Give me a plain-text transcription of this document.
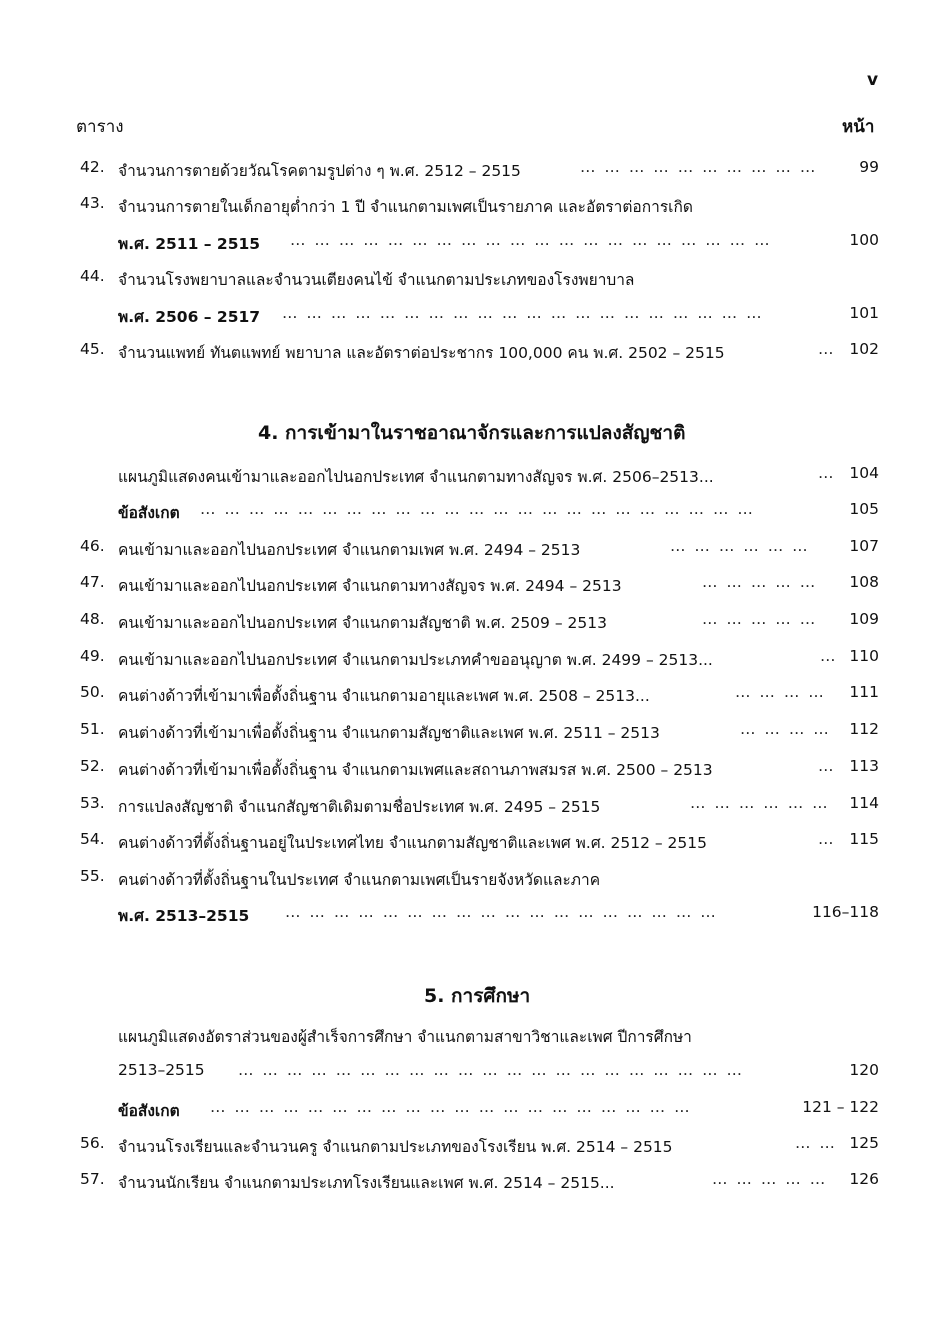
v
ตาราง	หน้า
42. จำนวนการตายด้วยวัณโรคตามรูปต่าง ๆ พ.ศ. 2512 – 2515	… … … … … … … … … …	99
43. จำนวนการตายในเด็กอายุต่ำกว่า 1 ปี จำแนกตามเพศเป็นรายภาค และอัตราต่อการเกิด
พ.ศ. 2511 – 2515 … … … … … … … … … … … … … … … … … … … …	100
44. จำนวนโรงพยาบาลและจำนวนเตียงคนไข้ จำแนกตามประเภทของโรงพยาบาล
พ.ศ. 2506 – 2517 … … … … … … … … … … … … … … … … … … … …	101
45. จำนวนแพทย์ ทันตแพทย์ พยาบาล และอัตราต่อประชากร 100,000 คน พ.ศ. 2502 – 2515	… 102
4. การเข้ามาในราชอาณาจักรและการแปลงสัญชาติ
แผนภูมิแสดงคนเข้ามาและออกไปนอกประเทศ จำแนกตามทางสัญจร พ.ศ. 2506–2513...	… 104
ข้อสังเกต … … … … … … … … … … … … … … … … … … … … … … …	105
46. คนเข้ามาและออกไปนอกประเทศ จำแนกตามเพศ พ.ศ. 2494 – 2513	… … … … … …	107
47. คนเข้ามาและออกไปนอกประเทศ จำแนกตามทางสัญจร พ.ศ. 2494 – 2513	… … … … …	108
48. คนเข้ามาและออกไปนอกประเทศ จำแนกตามสัญชาติ พ.ศ. 2509 – 2513	… … … … …	109
49. คนเข้ามาและออกไปนอกประเทศ จำแนกตามประเภทคำขออนุญาต พ.ศ. 2499 – 2513...	… 110
50. คนต่างด้าวที่เข้ามาเพื่อตั้งถิ่นฐาน จำแนกตามอายุและเพศ พ.ศ. 2508 – 2513...	… … … …	111
51. คนต่างด้าวที่เข้ามาเพื่อตั้งถิ่นฐาน จำแนกตามสัญชาติและเพศ พ.ศ. 2511 – 2513	… … … …	112
52. คนต่างด้าวที่เข้ามาเพื่อตั้งถิ่นฐาน จำแนกตามเพศและสถานภาพสมรส พ.ศ. 2500 – 2513	… 113
53. การแปลงสัญชาติ จำแนกสัญชาติเดิมตามชื่อประเทศ พ.ศ. 2495 – 2515	… … … … … …	114
54. คนต่างด้าวที่ตั้งถิ่นฐานอยู่ในประเทศไทย จำแนกตามสัญชาติและเพศ พ.ศ. 2512 – 2515	… 115
55. คนต่างด้าวที่ตั้งถิ่นฐานในประเทศ จำแนกตามเพศเป็นรายจังหวัดและภาค
พ.ศ. 2513–2515 … … … … … … … … … … … … … … … … … …	116–118
5. การศึกษา
แผนภูมิแสดงอัตราส่วนของผู้สำเร็จการศึกษา จำแนกตามสาขาวิชาและเพศ ปีการศึกษา
2513–2515 … … … … … … … … … … … … … … … … … … … … …	120
ข้อสังเกต … … … … … … … … … … … … … … … … … … … …	121 – 122
56. จำนวนโรงเรียนและจำนวนครู จำแนกตามประเภทของโรงเรียน พ.ศ. 2514 – 2515	… … 125
57. จำนวนนักเรียน จำแนกตามประเภทโรงเรียนและเพศ พ.ศ. 2514 – 2515...	… … … … …	126
